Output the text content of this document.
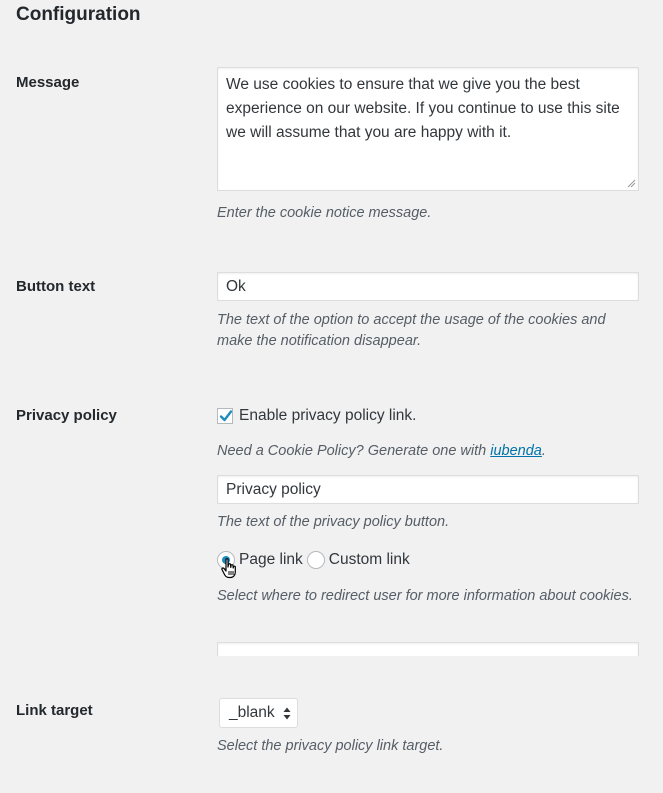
Configuration
Message	We use cookies to ensure that we give you the best experience on our website. If you continue to use this site we will assume that you are happy with it.
Enter the cookie notice message.
Button text	Ok
The text of the option to accept the usage of the cookies and make the notification disappear.
Privacy policy	Enable privacy policy link.
Need a Cookie Policy? Generate one with iubenda.
Privacy policy
The text of the privacy policy button.
Page link Custom link
Select where to redirect user for more information about cookies.
Link target	_blank
Select the privacy policy link target.
